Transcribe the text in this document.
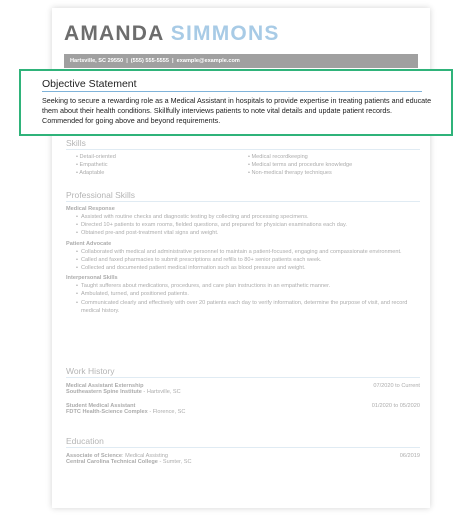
AMANDA SIMMONS
Hartsville, SC 29550 | (555) 555-5555 | example@example.com
Skills
• Detail-oriented	• Medical recordkeeping
• Empathetic	• Medical terms and procedure knowledge
• Adaptable	• Non-medical therapy techniques
Professional Skills
Medical Response
• Assisted with routine checks and diagnostic testing by collecting and processing specimens.
• Directed 10+ patients to exam rooms, fielded questions, and prepared for physician examinations each day.
• Obtained pre-and post-treatment vital signs and weight.
Patient Advocate
• Collaborated with medical and administrative personnel to maintain a patient-focused, engaging and compassionate environment.
• Called and faxed pharmacies to submit prescriptions and refills to 80+ senior patients each week.
• Collected and documented patient medical information such as blood pressure and weight.
Interpersonal Skills
• Taught sufferers about medications, procedures, and care plan instructions in an empathetic manner.
• Ambulated, turned, and positioned patients.
• Communicated clearly and effectively with over 20 patients each day to verify information, determine the purpose of visit, and record medical history.
Work History
Medical Assistant Externship	07/2020 to Current
Southeastern Spine Institute - Hartsville, SC
Student Medical Assistant	01/2020 to 05/2020
FDTC Health-Science Complex - Florence, SC
Education
Associate of Science: Medical Assisting	06/2019
Central Carolina Technical College - Sumter, SC
Objective Statement
Seeking to secure a rewarding role as a Medical Assistant in hospitals to provide expertise in treating patients and educate them about their health conditions. Skillfully interviews patients to note vital details and update patient records. Commended for going above and beyond requirements.
